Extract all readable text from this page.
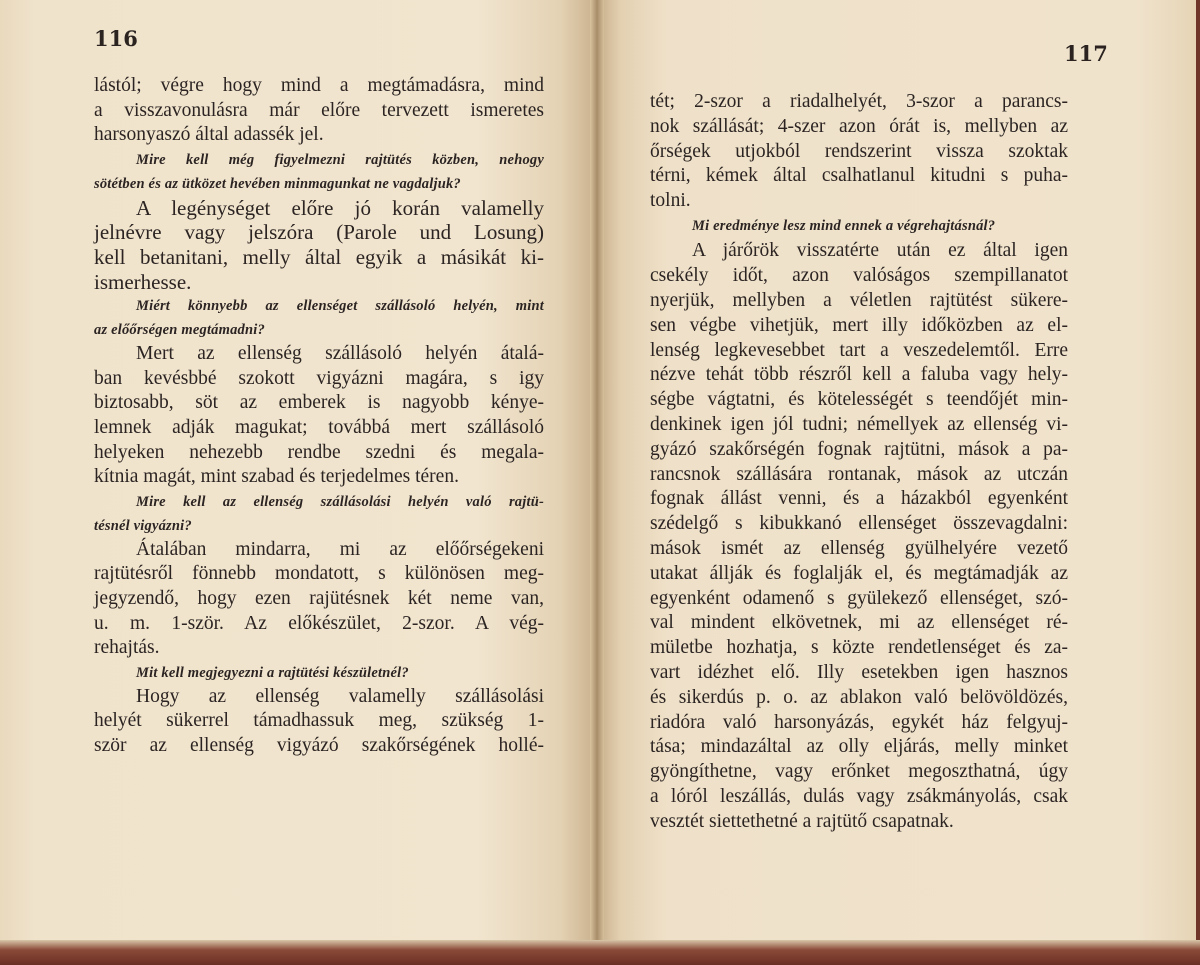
116
117
lástól; végre hogy mind a megtámadásra, mind
a visszavonulásra már előre tervezett ismeretes
harsonyaszó által adassék jel.
Mire kell még figyelmezni rajtütés közben, nehogy
sötétben és az ütközet hevében minmagunkat ne vagdaljuk?
A legénységet előre jó korán valamelly
jelnévre vagy jelszóra (Parole und Losung)
kell betanitani, melly által egyik a másikát ki-
ismerhesse.
Miért könnyebb az ellenséget szállásoló helyén, mint
az előőrségen megtámadni?
Mert az ellenség szállásoló helyén átalá-
ban kevésbbé szokott vigyázni magára, s igy
biztosabb, söt az emberek is nagyobb kénye-
lemnek adják magukat; továbbá mert szállásoló
helyeken nehezebb rendbe szedni és megala-
kítnia magát, mint szabad és terjedelmes téren.
Mire kell az ellenség szállásolási helyén való rajtü-
tésnél vigyázni?
Átalában mindarra, mi az előőrségekeni
rajtütésről fönnebb mondatott, s különösen meg-
jegyzendő, hogy ezen rajütésnek két neme van,
u. m. 1-ször. Az előkészület, 2-szor. A vég-
rehajtás.
Mit kell megjegyezni a rajtütési készületnél?
Hogy az ellenség valamelly szállásolási
helyét sükerrel támadhassuk meg, szükség 1-
ször az ellenség vigyázó szakőrségének hollé-
tét; 2-szor a riadalhelyét, 3-szor a parancs-
nok szállását; 4-szer azon órát is, mellyben az
őrségek utjokból rendszerint vissza szoktak
térni, kémek által csalhatlanul kitudni s puha-
tolni.
Mi eredménye lesz mind ennek a végrehajtásnál?
A járőrök visszatérte után ez által igen
csekély időt, azon valóságos szempillanatot
nyerjük, mellyben a véletlen rajtütést sükere-
sen végbe vihetjük, mert illy időközben az el-
lenség legkevesebbet tart a veszedelemtől. Erre
nézve tehát több részről kell a faluba vagy hely-
ségbe vágtatni, és kötelességét s teendőjét min-
denkinek igen jól tudni; némellyek az ellenség vi-
gyázó szakőrségén fognak rajtütni, mások a pa-
rancsnok szállására rontanak, mások az utczán
fognak állást venni, és a házakból egyenként
szédelgő s kibukkanó ellenséget összevagdalni:
mások ismét az ellenség gyülhelyére vezető
utakat állják és foglalják el, és megtámadják az
egyenként odamenő s gyülekező ellenséget, szó-
val mindent elkövetnek, mi az ellenséget ré-
mületbe hozhatja, s közte rendetlenséget és za-
vart idézhet elő. Illy esetekben igen hasznos
és sikerdús p. o. az ablakon való belövöldözés,
riadóra való harsonyázás, egykét ház felgyuj-
tása; mindazáltal az olly eljárás, melly minket
gyöngíthetne, vagy erőnket megoszthatná, úgy
a lóról leszállás, dulás vagy zsákmányolás, csak
vesztét siettethetné a rajtütő csapatnak.
